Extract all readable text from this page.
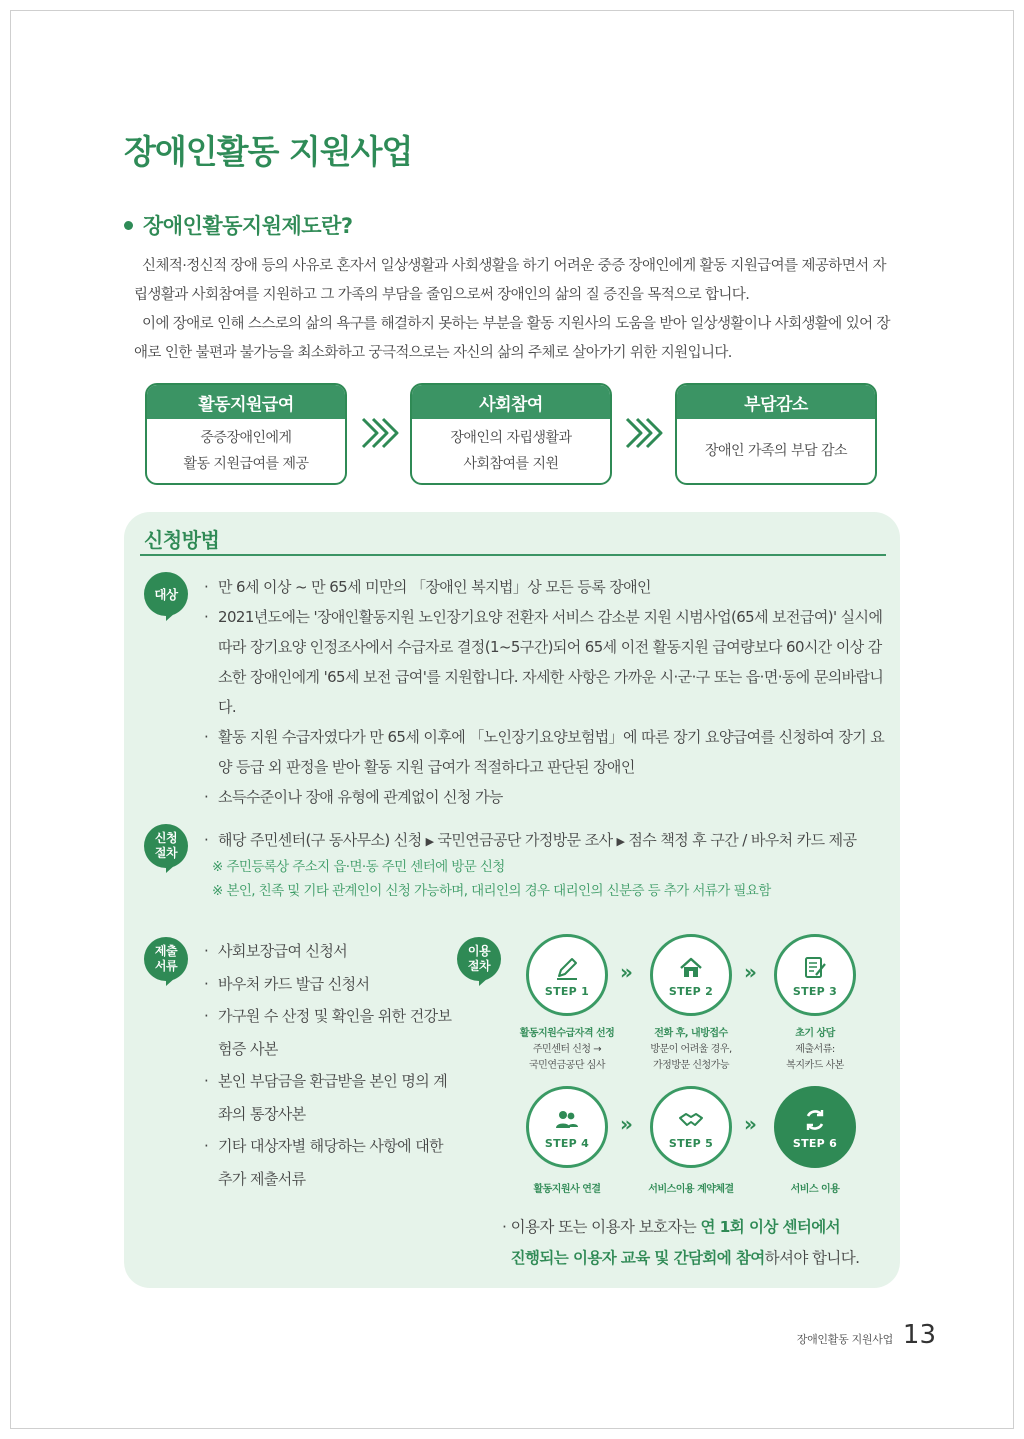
장애인활동 지원사업
장애인활동지원제도란?

신체적·정신적 장애 등의 사유로 혼자서 일상생활과 사회생활을 하기 어려운 중증 장애인에게 활동 지원급여를 제공하면서 자립생활과 사회참여를 지원하고 그 가족의 부담을 줄임으로써 장애인의 삶의 질 증진을 목적으로 합니다.

이에 장애로 인해 스스로의 삶의 욕구를 해결하지 못하는 부분을 활동 지원사의 도움을 받아 일상생활이나 사회생활에 있어 장애로 인한 불편과 불가능을 최소화하고 궁극적으로는 자신의 삶의 주체로 살아가기 위한 지원입니다.

활동지원급여
중증장애인에게
활동 지원급여를 제공
사회참여
장애인의 자립생활과
사회참여를 지원
부담감소
장애인 가족의 부담 감소
신청방법
대상
·	만 6세 이상 ~ 만 65세 미만의 「장애인 복지법」상 모든 등록 장애인
· 2021년도에는 '장애인활동지원 노인장기요양 전환자 서비스 감소분 지원 시범사업(65세 보전급여)' 실시에 따라 장기요양 인정조사에서 수급자로 결정(1~5구간)되어 65세 이전 활동지원 급여량보다 60시간 이상 감소한 장애인에게 '65세 보전 급여'를 지원합니다. 자세한 사항은 가까운 시·군·구 또는 읍·면·동에 문의바랍니다.
· 활동 지원 수급자였다가 만 65세 이후에 「노인장기요양보험법」에 따른 장기 요양급여를 신청하여 장기 요양 등급 외 판정을 받아 활동 지원 급여가 적절하다고 판단된 장애인
· 소득수준이나 장애 유형에 관계없이 신청 가능
신청 절차
· 해당 주민센터(구 동사무소) 신청 ▶ 국민연금공단 가정방문 조사 ▶ 점수 책정 후 구간 / 바우처 카드 제공
※ 주민등록상 주소지 읍·면·동 주민 센터에 방문 신청
※ 본인, 친족 및 기타 관계인이 신청 가능하며, 대리인의 경우 대리인의 신분증 등 추가 서류가 필요함
제출 서류
· 사회보장급여 신청서
· 바우처 카드 발급 신청서
· 가구원 수 산정 및 확인을 위한 건강보험증 사본
· 본인 부담금을 환급받을 본인 명의 계좌의 통장사본
· 기타 대상자별 해당하는 사항에 대한 추가 제출서류
이용 절차
STEP 1
»
STEP 2
»
STEP 3
활동지원수급자격 선정
주민센터 신청 →
국민연금공단 심사
전화 후, 내방접수
방문이 어려울 경우,
가정방문 신청가능
초기 상담
제출서류:
복지카드 사본
STEP 4
»
STEP 5
»
STEP 6
활동지원사 연결	서비스이용 계약체결	서비스 이용
· 이용자 또는 이용자 보호자는 연 1회 이상 센터에서
진행되는 이용자 교육 및 간담회에 참여하셔야 합니다.
장애인활동 지원사업 13
